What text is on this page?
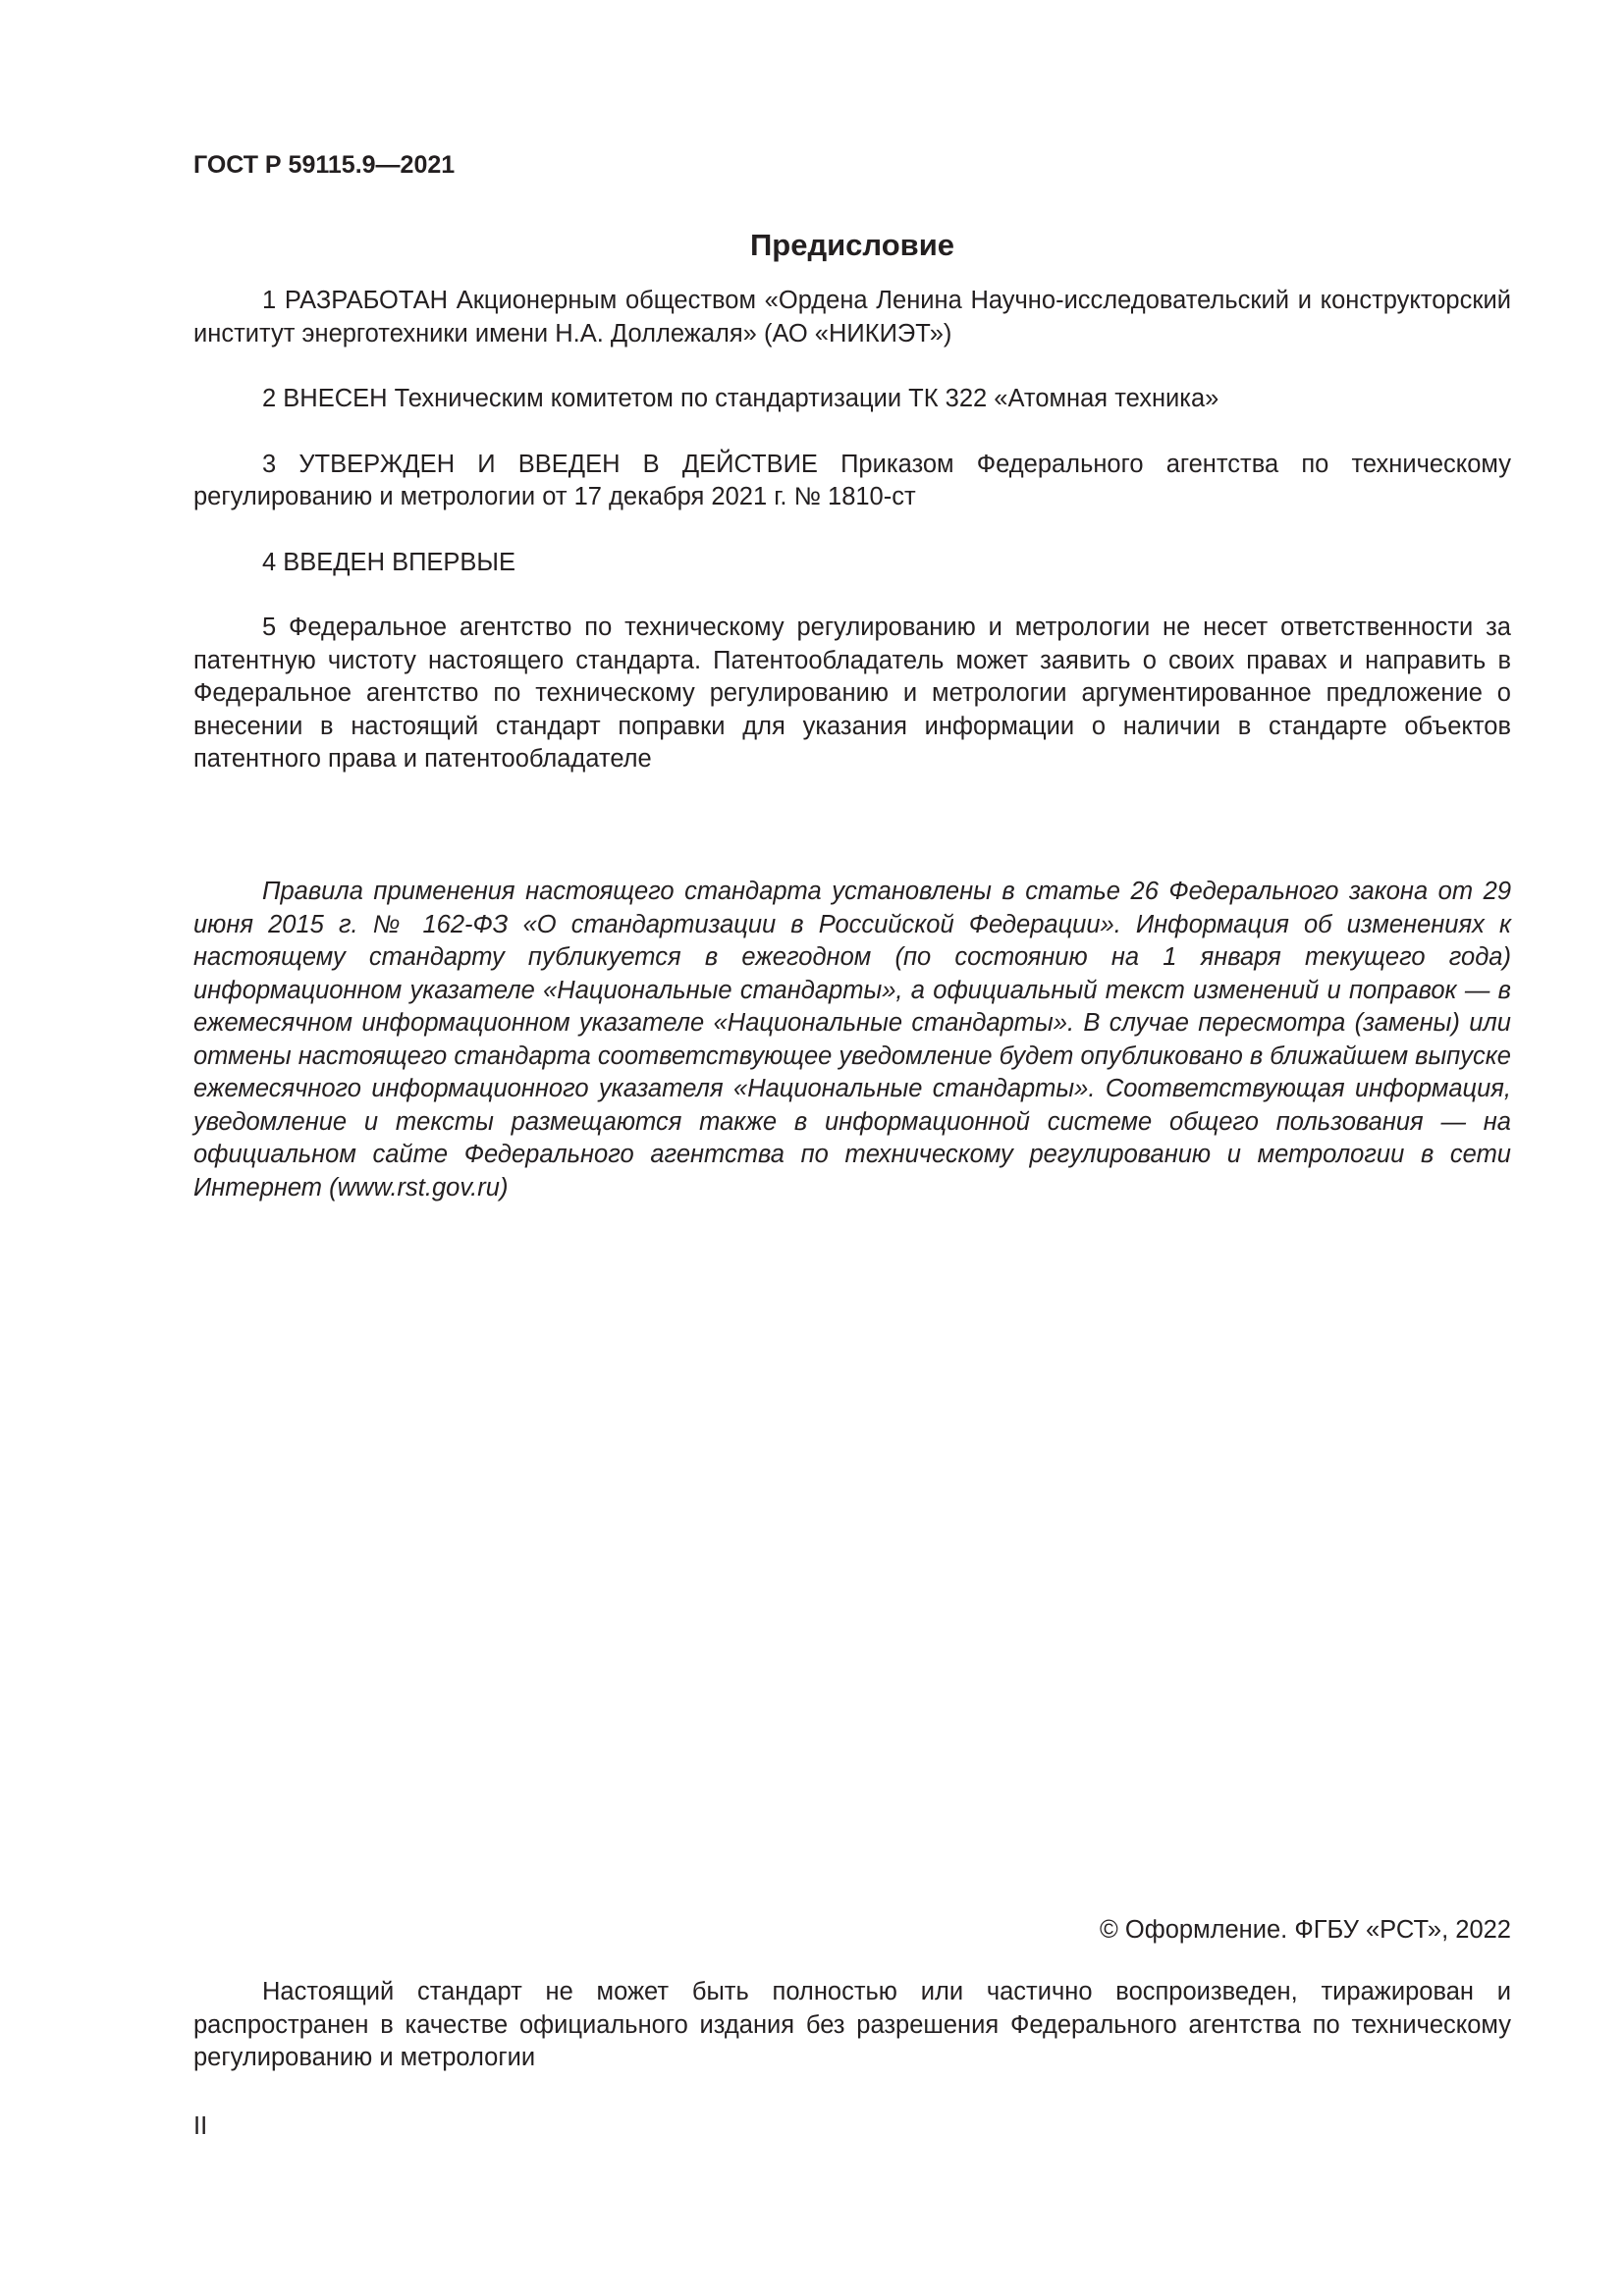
ГОСТ Р 59115.9—2021
Предисловие

1 РАЗРАБОТАН Акционерным обществом «Ордена Ленина Научно-исследовательский и конструкторский институт энерготехники имени Н.А. Доллежаля» (АО «НИКИЭТ»)

2 ВНЕСЕН Техническим комитетом по стандартизации ТК 322 «Атомная техника»

3 УТВЕРЖДЕН И ВВЕДЕН В ДЕЙСТВИЕ Приказом Федерального агентства по техническому регулированию и метрологии от 17 декабря 2021 г. № 1810-ст

4 ВВЕДЕН ВПЕРВЫЕ

5 Федеральное агентство по техническому регулированию и метрологии не несет ответственности за патентную чистоту настоящего стандарта. Патентообладатель может заявить о своих правах и направить в Федеральное агентство по техническому регулированию и метрологии аргументированное предложение о внесении в настоящий стандарт поправки для указания информации о наличии в стандарте объектов патентного права и патентообладателе

Правила применения настоящего стандарта установлены в статье 26 Федерального закона от 29 июня 2015 г. № 162-ФЗ «О стандартизации в Российской Федерации». Информация об изменениях к настоящему стандарту публикуется в ежегодном (по состоянию на 1 января текущего года) информационном указателе «Национальные стандарты», а официальный текст изменений и поправок — в ежемесячном информационном указателе «Национальные стандарты». В случае пересмотра (замены) или отмены настоящего стандарта соответствующее уведомление будет опубликовано в ближайшем выпуске ежемесячного информационного указателя «Национальные стандарты». Соответствующая информация, уведомление и тексты размещаются также в информационной системе общего пользования — на официальном сайте Федерального агентства по техническому регулированию и метрологии в сети Интернет (www.rst.gov.ru)

© Оформление. ФГБУ «РСТ», 2022

Настоящий стандарт не может быть полностью или частично воспроизведен, тиражирован и распространен в качестве официального издания без разрешения Федерального агентства по техническому регулированию и метрологии

II
